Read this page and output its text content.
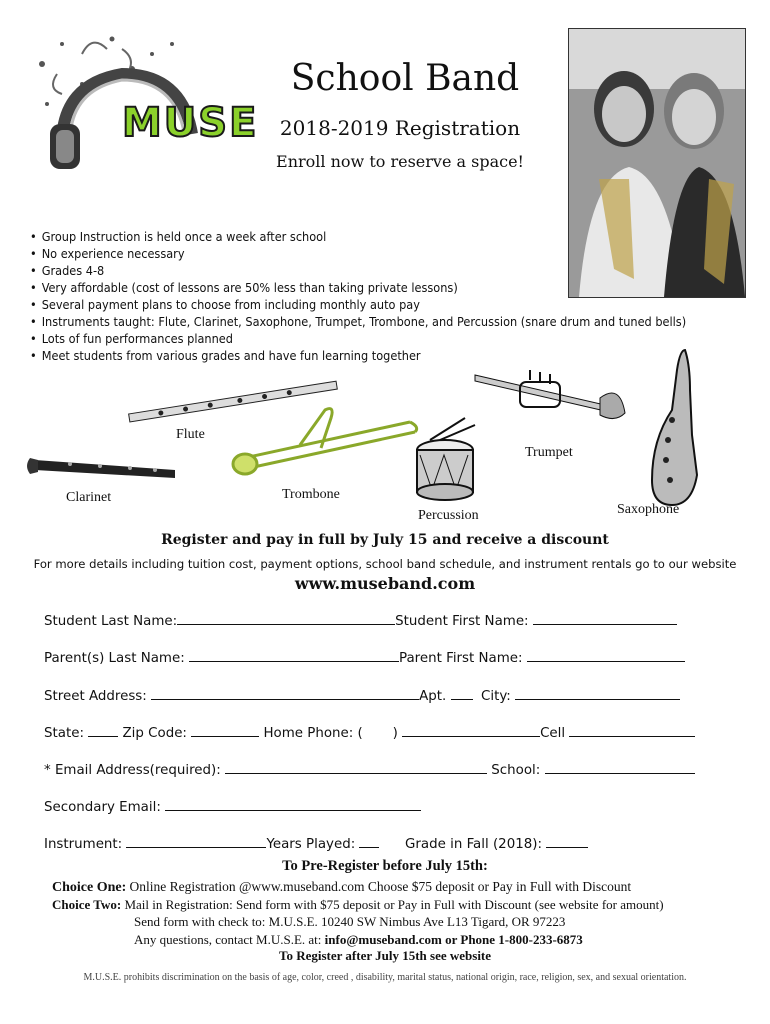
MUSE
School Band
2018-2019 Registration
Enroll now to reserve a space!
• Group Instruction is held once a week after school
• No experience necessary
• Grades 4-8
• Very affordable (cost of lessons are 50% less than taking private lessons)
• Several payment plans to choose from including monthly auto pay
• Instruments taught: Flute, Clarinet, Saxophone, Trumpet, Trombone, and Percussion (snare drum and tuned bells)
• Lots of fun performances planned
• Meet students from various grades and have fun learning together
Flute
Clarinet	Trombone
Percussion
Trumpet
Saxophone
Register and pay in full by July 15 and receive a discount
For more details including tuition cost, payment options, school band schedule, and instrument rentals go to our website
www.museband.com
Student Last Name:	Student First Name:
Parent(s) Last Name:	Parent First Name:
Street Address:	Apt.	City:
State:	Zip Code:	Home Phone: ( )	Cell
* Email Address(required):	School:
Secondary Email:
Instrument:	Years Played:	Grade in Fall (2018):
To Pre-Register before July 15th:
Choice One: Online Registration @www.museband.com Choose $75 deposit or Pay in Full with Discount
Choice Two: Mail in Registration: Send form with $75 deposit or Pay in Full with Discount (see website for amount)
Send form with check to: M.U.S.E. 10240 SW Nimbus Ave L13 Tigard, OR 97223
Any questions, contact M.U.S.E. at: info@museband.com or Phone 1-800-233-6873
To Register after July 15th see website
M.U.S.E. prohibits discrimination on the basis of age, color, creed , disability, marital status, national origin, race, religion, sex, and sexual orientation.
